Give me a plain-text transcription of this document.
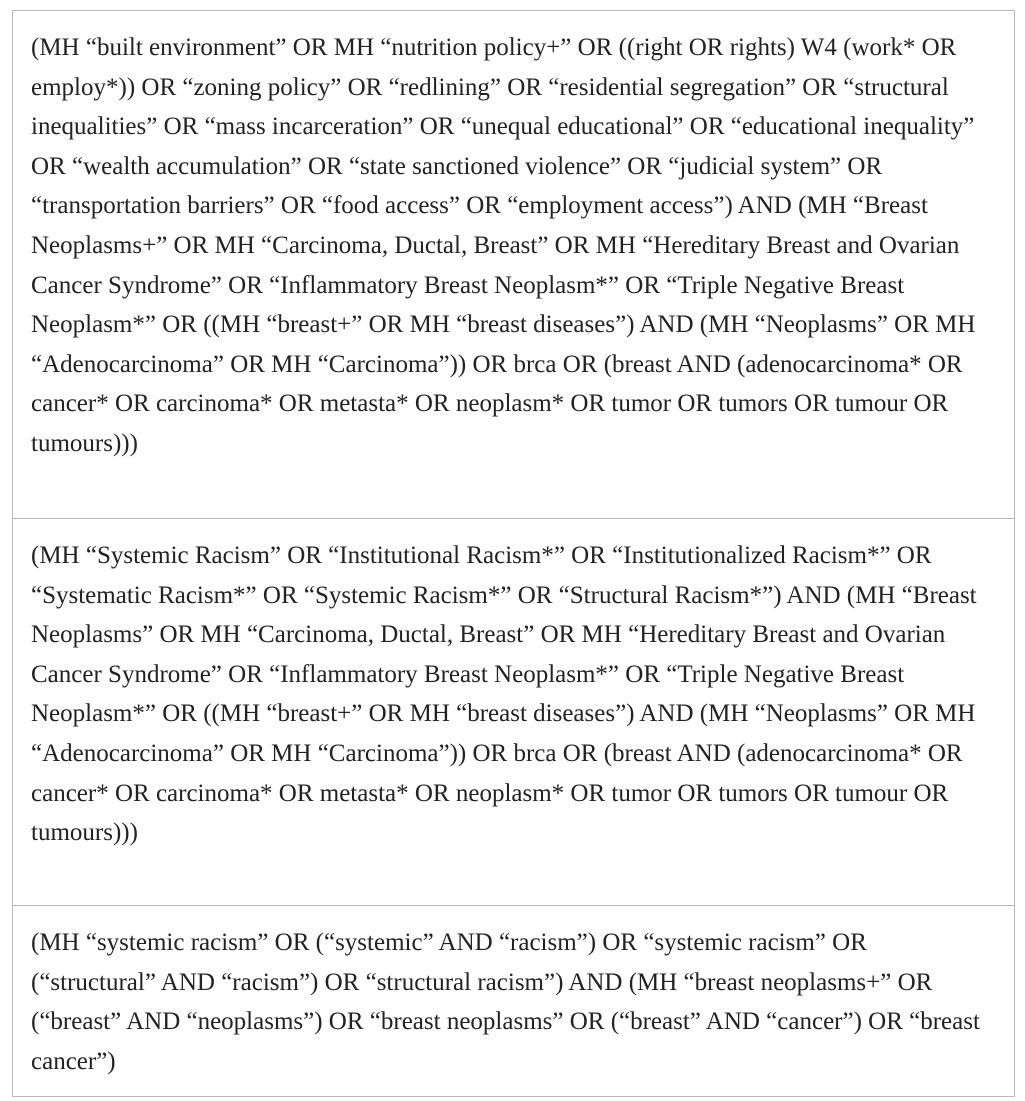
(MH “built environment” OR MH “nutrition policy+” OR ((right OR rights) W4 (work* OR employ*)) OR “zoning policy” OR “redlining” OR “residential segregation” OR “structural inequalities” OR “mass incarceration” OR “unequal educational” OR “educational inequality” OR “wealth accumulation” OR “state sanctioned violence” OR “judicial system” OR “transportation barriers” OR “food access” OR “employment access”) AND (MH “Breast Neoplasms+” OR MH “Carcinoma, Ductal, Breast” OR MH “Hereditary Breast and Ovarian Cancer Syndrome” OR “Inflammatory Breast Neoplasm*” OR “Triple Negative Breast Neoplasm*” OR ((MH “breast+” OR MH “breast diseases”) AND (MH “Neoplasms” OR MH “Adenocarcinoma” OR MH “Carcinoma”)) OR brca OR (breast AND (adenocarcinoma* OR cancer* OR carcinoma* OR metasta* OR neoplasm* OR tumor OR tumors OR tumour OR tumours)))
(MH “Systemic Racism” OR “Institutional Racism*” OR “Institutionalized Racism*” OR “Systematic Racism*” OR “Systemic Racism*” OR “Structural Racism*”) AND (MH “Breast Neoplasms” OR MH “Carcinoma, Ductal, Breast” OR MH “Hereditary Breast and Ovarian Cancer Syndrome” OR “Inflammatory Breast Neoplasm*” OR “Triple Negative Breast Neoplasm*” OR ((MH “breast+” OR MH “breast diseases”) AND (MH “Neoplasms” OR MH “Adenocarcinoma” OR MH “Carcinoma”)) OR brca OR (breast AND (adenocarcinoma* OR cancer* OR carcinoma* OR metasta* OR neoplasm* OR tumor OR tumors OR tumour OR tumours)))
(MH “systemic racism” OR (“systemic” AND “racism”) OR “systemic racism” OR (“structural” AND “racism”) OR “structural racism”) AND (MH “breast neoplasms+” OR (“breast” AND “neoplasms”) OR “breast neoplasms” OR (“breast” AND “cancer”) OR “breast cancer”)
